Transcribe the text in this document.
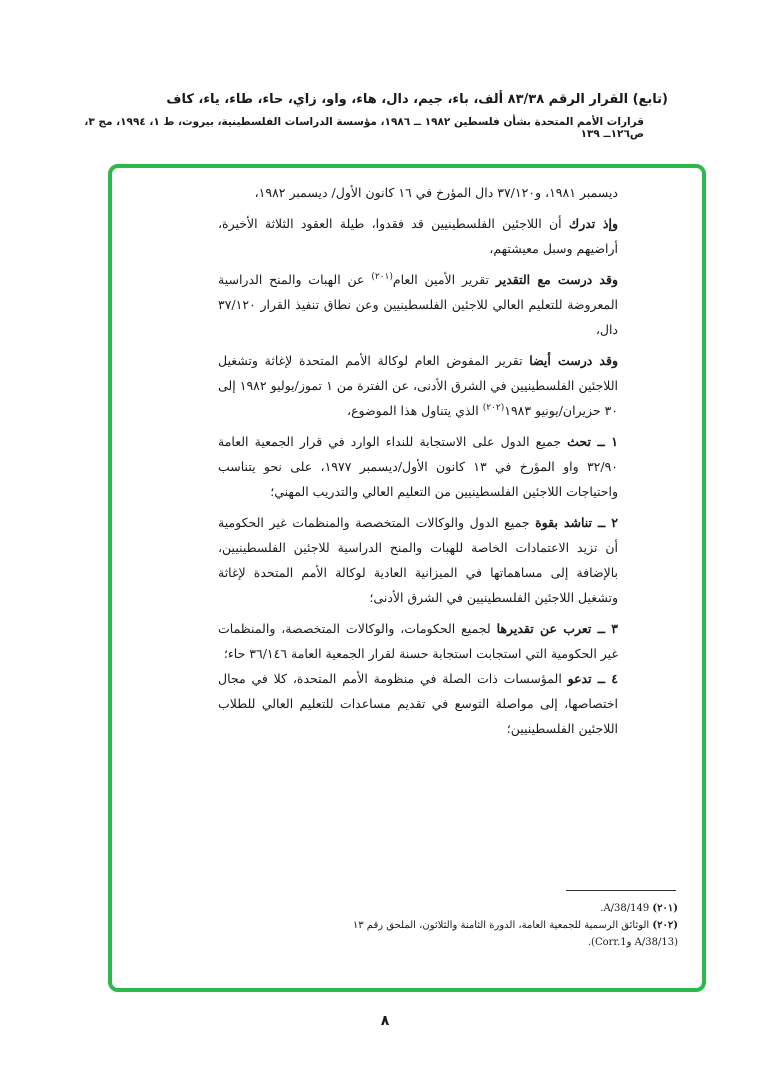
(تابع) القرار الرقم ٨٣/٣٨ ألف، باء، جيم، دال، هاء، واو، زاي، حاء، طاء، ياء، كاف
قرارات الأمم المتحدة بشأن فلسطين ١٩٨٢ ــ ١٩٨٦، مؤسسة الدراسات الفلسطينية، بيروت، ط ١، ١٩٩٤، مج ٣، ص١٢٦ــ ١٣٩

ديسمبر ١٩٨١، و٣٧/١٢٠ دال المؤرخ في ١٦ كانون الأول/ ديسمبر ١٩٨٢،

وإذ تدرك أن اللاجئين الفلسطينيين قد فقدوا، طيلة العقود الثلاثة الأخيرة، أراضيهم وسبل معيشتهم،

وقد درست مع التقدير تقرير الأمين العام$^{(٢٠١)}$ عن الهبات والمنح الدراسية المعروضة للتعليم العالي للاجئين الفلسطينيين وعن نطاق تنفيذ القرار ٣٧/١٢٠ دال،

وقد درست أيضا تقرير المفوض العام لوكالة الأمم المتحدة لإغاثة وتشغيل اللاجئين الفلسطينيين في الشرق الأدنى، عن الفترة من ١ تموز/يوليو ١٩٨٢ إلى ٣٠ حزيران/يونيو ١٩٨٣$^{(٢٠٢)}$ الذي يتناول هذا الموضوع،

١ ــ تحث جميع الدول على الاستجابة للنداء الوارد في قرار الجمعية العامة ٣٢/٩٠ واو المؤرخ في ١٣ كانون الأول/ديسمبر ١٩٧٧، على نحو يتناسب واحتياجات اللاجئين الفلسطينيين من التعليم العالي والتدريب المهني؛

٢ ــ تناشد بقوة جميع الدول والوكالات المتخصصة والمنظمات غير الحكومية أن تزيد الاعتمادات الخاصة للهبات والمنح الدراسية للاجئين الفلسطينيين، بالإضافة إلى مساهماتها في الميزانية العادية لوكالة الأمم المتحدة لإغاثة وتشغيل اللاجئين الفلسطينيين في الشرق الأدنى؛

٣ ــ تعرب عن تقديرها لجميع الحكومات، والوكالات المتخصصة، والمنظمات غير الحكومية التي استجابت استجابة حسنة لقرار الجمعية العامة ٣٦/١٤٦ حاء؛

٤ ــ تدعو المؤسسات ذات الصلة في منظومة الأمم المتحدة، كلا في مجال اختصاصها، إلى مواصلة التوسع في تقديم مساعدات للتعليم العالي للطلاب اللاجئين الفلسطينيين؛

(٢٠١) A/38/149.

(٢٠٢) الوثائق الرسمية للجمعية العامة، الدورة الثامنة والثلاثون، الملحق رقم ١٣ (A/38/13 وCorr.1).

٨
